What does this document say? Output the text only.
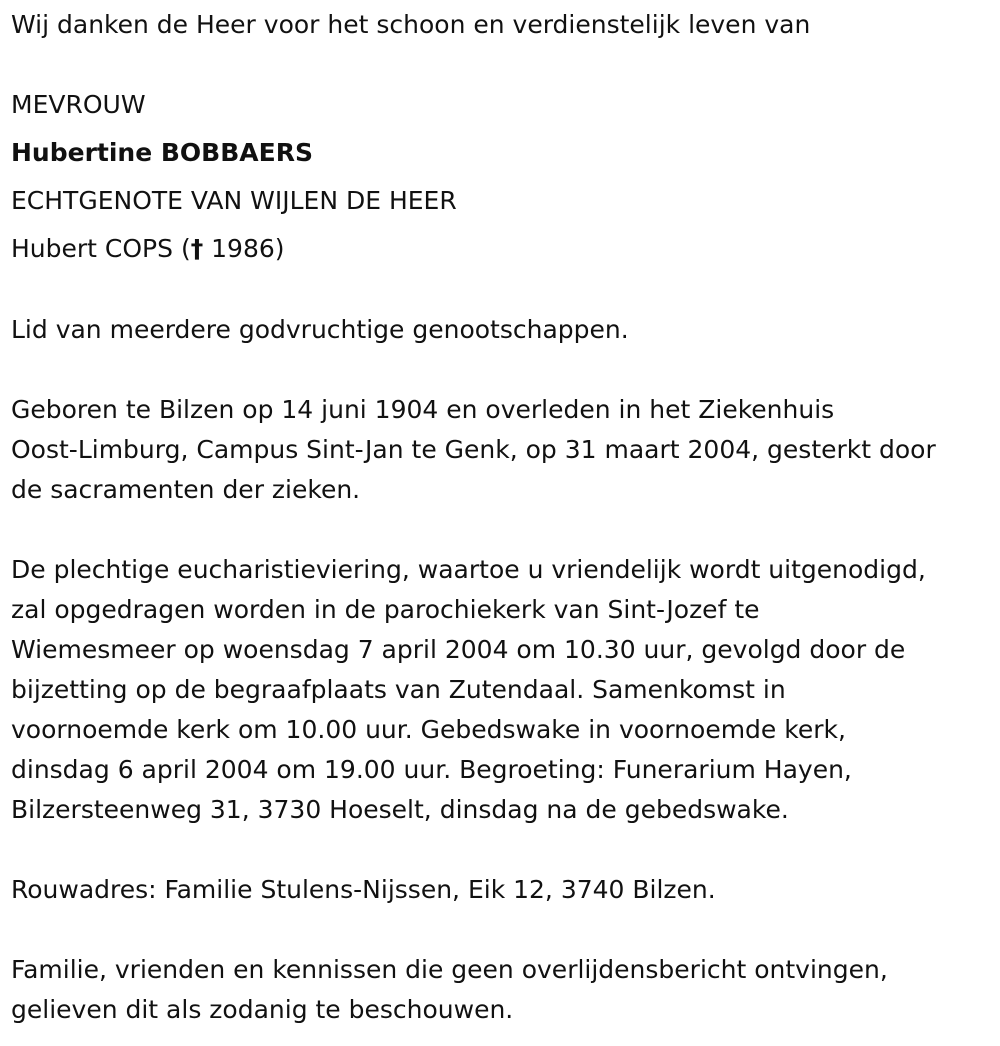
Wij danken de Heer voor het schoon en verdienstelijk leven van
MEVROUW
Hubertine BOBBAERS
ECHTGENOTE VAN WIJLEN DE HEER
Hubert COPS († 1986)
Lid van meerdere godvruchtige genootschappen.
Geboren te Bilzen op 14 juni 1904 en overleden in het Ziekenhuis
Oost-Limburg, Campus Sint-Jan te Genk, op 31 maart 2004, gesterkt door
de sacramenten der zieken.
De plechtige eucharistieviering, waartoe u vriendelijk wordt uitgenodigd,
zal opgedragen worden in de parochiekerk van Sint-Jozef te
Wiemesmeer op woensdag 7 april 2004 om 10.30 uur, gevolgd door de
bijzetting op de begraafplaats van Zutendaal. Samenkomst in
voornoemde kerk om 10.00 uur. Gebedswake in voornoemde kerk,
dinsdag 6 april 2004 om 19.00 uur. Begroeting: Funerarium Hayen,
Bilzersteenweg 31, 3730 Hoeselt, dinsdag na de gebedswake.
Rouwadres: Familie Stulens-Nijssen, Eik 12, 3740 Bilzen.
Familie, vrienden en kennissen die geen overlijdensbericht ontvingen,
gelieven dit als zodanig te beschouwen.
